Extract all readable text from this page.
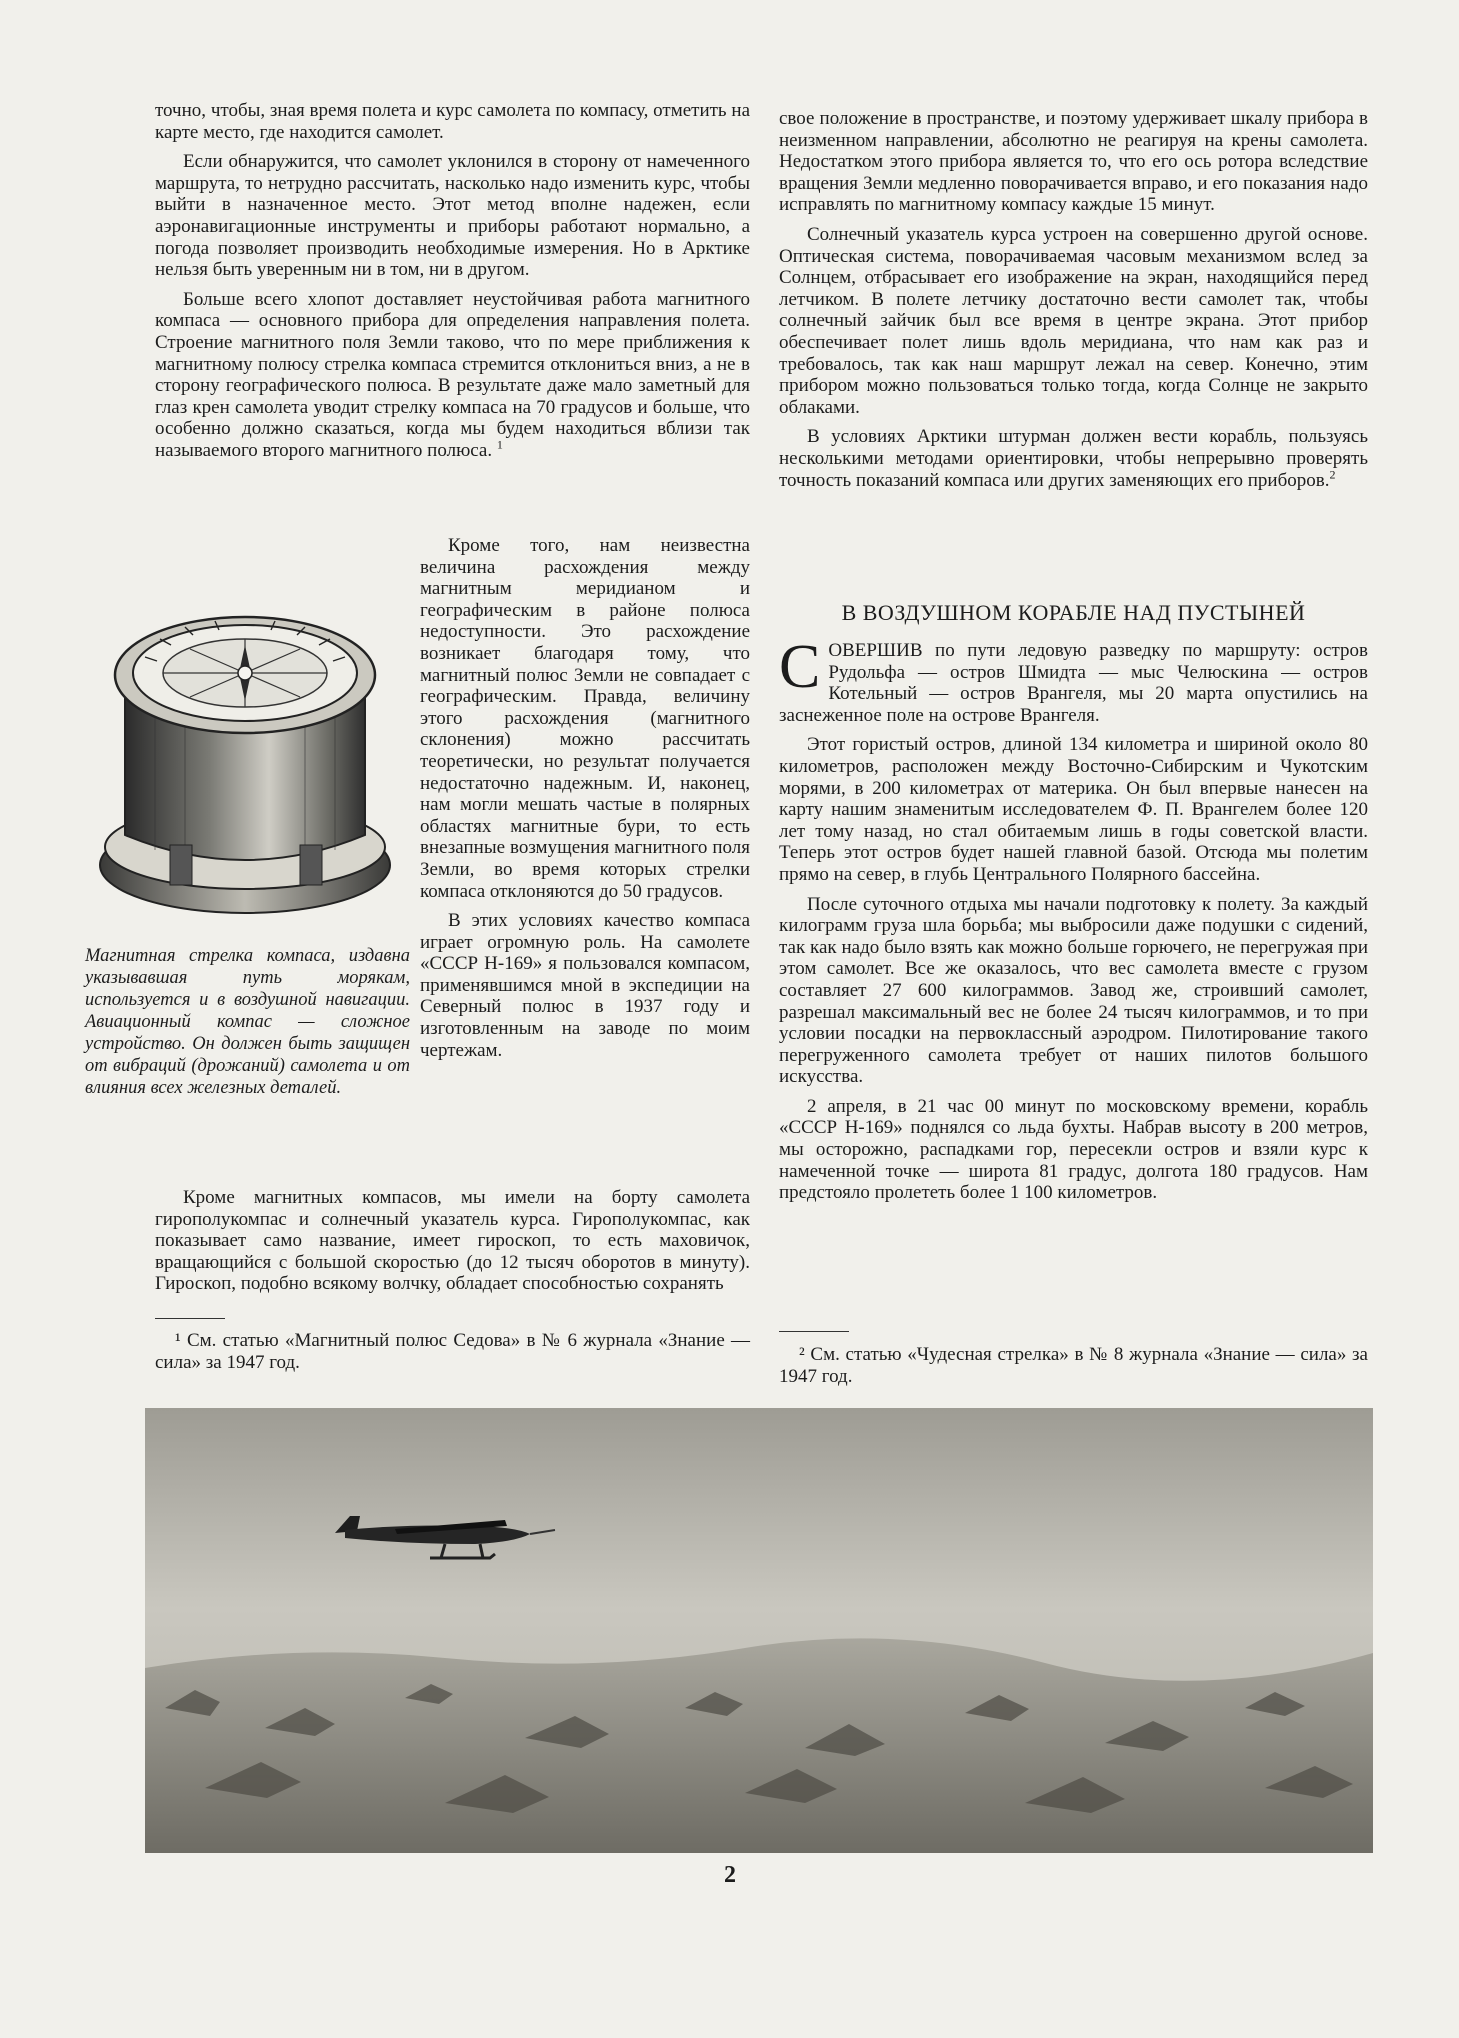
точно, чтобы, зная время полета и курс самолета по компасу, отметить на карте место, где находится самолет.

Если обнаружится, что самолет уклонился в сторону от намеченного маршрута, то нетрудно рассчитать, насколько надо изменить курс, чтобы выйти в назначенное место. Этот метод вполне надежен, если аэронавигационные инструменты и приборы работают нормально, а погода позволяет производить необходимые измерения. Но в Арктике нельзя быть уверенным ни в том, ни в другом.

Больше всего хлопот доставляет неустойчивая работа магнитного компаса — основного прибора для определения направления полета. Строение магнитного поля Земли таково, что по мере приближения к магнитному полюсу стрелка компаса стремится отклониться вниз, а не в сторону географического полюса. В результате даже мало заметный для глаз крен самолета уводит стрелку компаса на 70 градусов и больше, что особенно должно сказаться, когда мы будем находиться вблизи так называемого второго магнитного полюса. $^1$

Кроме того, нам неизвестна величина расхождения между магнитным меридианом и географическим в районе полюса недоступности. Это расхождение возникает благодаря тому, что магнитный полюс Земли не совпадает с географическим. Правда, величину этого расхождения (магнитного склонения) можно рассчитать теоретически, но результат получается недостаточно надежным. И, наконец, нам могли мешать частые в полярных областях магнитные бури, то есть внезапные возмущения магнитного поля Земли, во время которых стрелки компаса отклоняются до 50 градусов.

В этих условиях качество компаса играет огромную роль. На самолете «СССР Н-169» я пользовался компасом, применявшимся мной в экспедиции на Северный полюс в 1937 году и изготовленным на заводе по моим чертежам.

Магнитная стрелка компаса, издавна указывавшая путь морякам, используется и в воздушной навигации. Авиационный компас — сложное устройство. Он должен быть защищен от вибраций (дрожаний) самолета и от влияния всех железных деталей.

Кроме магнитных компасов, мы имели на борту самолета гирополукомпас и солнечный указатель курса. Гирополукомпас, как показывает само название, имеет гироскоп, то есть маховичок, вращающийся с большой скоростью (до 12 тысяч оборотов в минуту). Гироскоп, подобно всякому волчку, обладает способностью сохранять

¹ См. статью «Магнитный полюс Седова» в № 6 журнала «Знание — сила» за 1947 год.

свое положение в пространстве, и поэтому удерживает шкалу прибора в неизменном направлении, абсолютно не реагируя на крены самолета. Недостатком этого прибора является то, что его ось ротора вследствие вращения Земли медленно поворачивается вправо, и его показания надо исправлять по магнитному компасу каждые 15 минут.

Солнечный указатель курса устроен на совершенно другой основе. Оптическая система, поворачиваемая часовым механизмом вслед за Солнцем, отбрасывает его изображение на экран, находящийся перед летчиком. В полете летчику достаточно вести самолет так, чтобы солнечный зайчик был все время в центре экрана. Этот прибор обеспечивает полет лишь вдоль меридиана, что нам как раз и требовалось, так как наш маршрут лежал на север. Конечно, этим прибором можно пользоваться только тогда, когда Солнце не закрыто облаками.

В условиях Арктики штурман должен вести корабль, пользуясь несколькими методами ориентировки, чтобы непрерывно проверять точность показаний компаса или других заменяющих его приборов.$^2$

В ВОЗДУШНОМ КОРАБЛЕ НАД ПУСТЫНЕЙ

СОВЕРШИВ по пути ледовую разведку по маршруту: остров Рудольфа — остров Шмидта — мыс Челюскина — остров Котельный — остров Врангеля, мы 20 марта опустились на заснеженное поле на острове Врангеля.

Этот гористый остров, длиной 134 километра и шириной около 80 километров, расположен между Восточно-Сибирским и Чукотским морями, в 200 километрах от материка. Он был впервые нанесен на карту нашим знаменитым исследователем Ф. П. Врангелем более 120 лет тому назад, но стал обитаемым лишь в годы советской власти. Теперь этот остров будет нашей главной базой. Отсюда мы полетим прямо на север, в глубь Центрального Полярного бассейна.

После суточного отдыха мы начали подготовку к полету. За каждый килограмм груза шла борьба; мы выбросили даже подушки с сидений, так как надо было взять как можно больше горючего, не перегружая при этом самолет. Все же оказалось, что вес самолета вместе с грузом составляет 27 600 килограммов. Завод же, строивший самолет, разрешал максимальный вес не более 24 тысяч килограммов, и то при условии посадки на первоклассный аэродром. Пилотирование такого перегруженного самолета требует от наших пилотов большого искусства.

2 апреля, в 21 час 00 минут по московскому времени, корабль «СССР Н-169» поднялся со льда бухты. Набрав высоту в 200 метров, мы осторожно, распадками гор, пересекли остров и взяли курс к намеченной точке — широта 81 градус, долгота 180 градусов. Нам предстояло пролететь более 1 100 километров.

² См. статью «Чудесная стрелка» в № 8 журнала «Знание — сила» за 1947 год.
2
